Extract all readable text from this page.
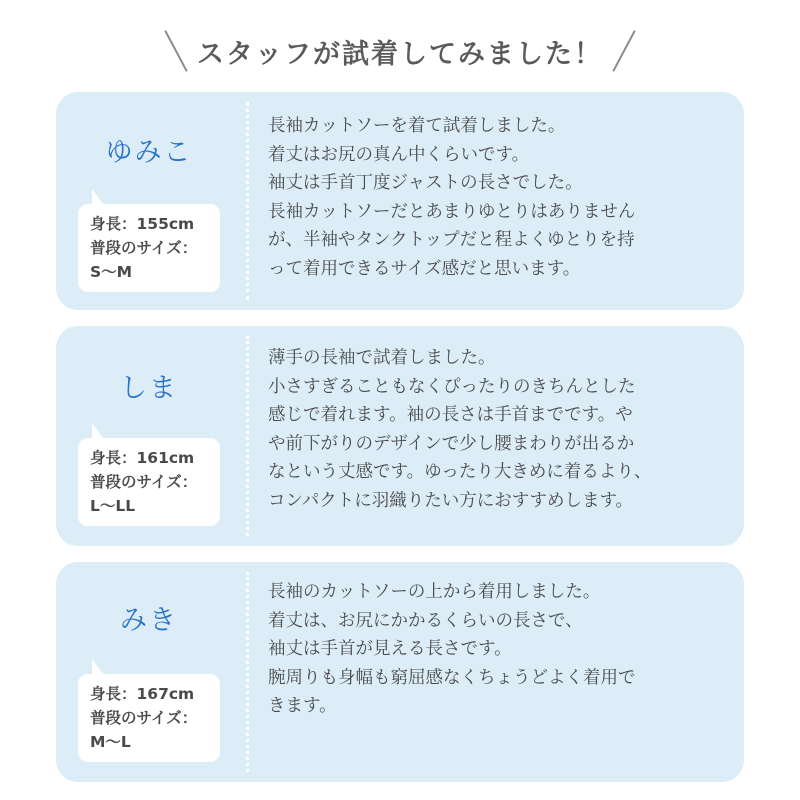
スタッフが試着してみました！
ゆみこ
身長：155cm
普段のサイズ：
S〜M
長袖カットソーを着て試着しました。
着丈はお尻の真ん中くらいです。
袖丈は手首丁度ジャストの長さでした。
長袖カットソーだとあまりゆとりはありません
が、半袖やタンクトップだと程よくゆとりを持
って着用できるサイズ感だと思います。
しま
身長：161cm
普段のサイズ：
L〜LL
薄手の長袖で試着しました。
小さすぎることもなくぴったりのきちんとした
感じで着れます。袖の長さは手首までです。や
や前下がりのデザインで少し腰まわりが出るか
なという丈感です。ゆったり大きめに着るより、
コンパクトに羽織りたい方におすすめします。
みき
身長：167cm
普段のサイズ：
M〜L
長袖のカットソーの上から着用しました。
着丈は、お尻にかかるくらいの長さで、
袖丈は手首が見える長さです。
腕周りも身幅も窮屈感なくちょうどよく着用で
きます。
